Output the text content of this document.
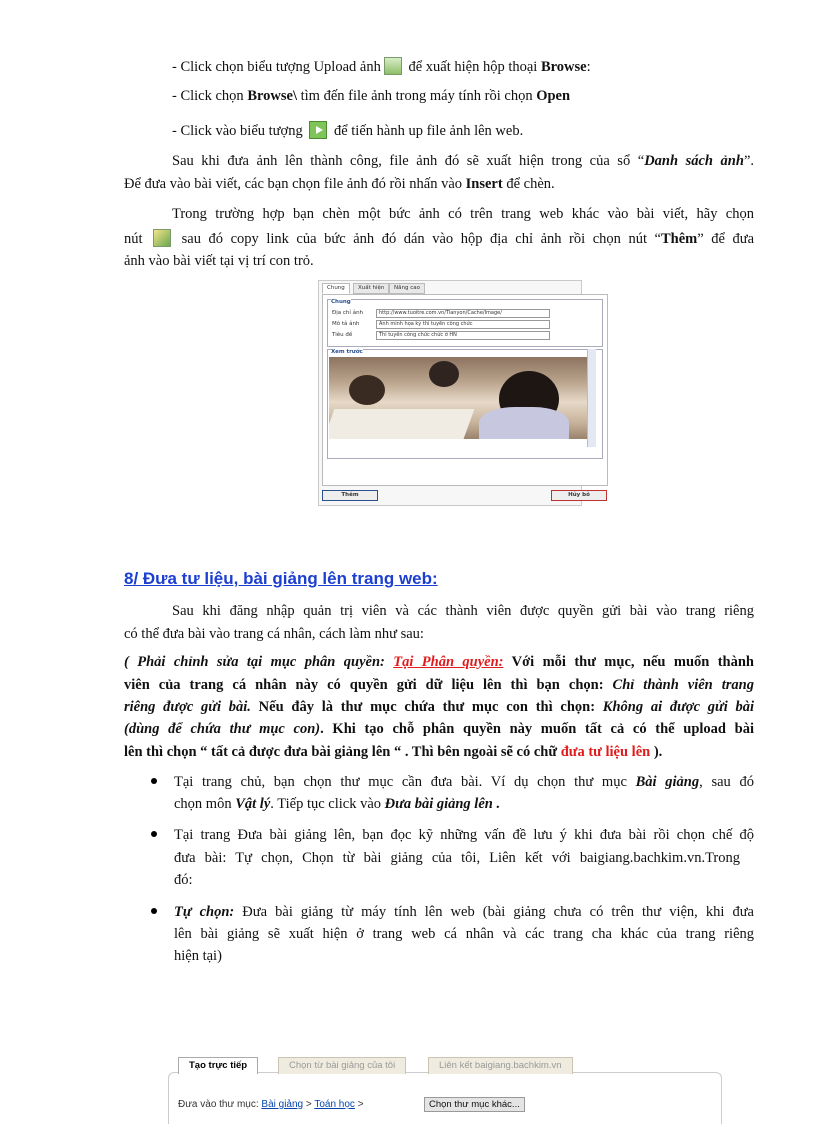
- Click chọn biểu tượng Upload ảnh để xuất hiện hộp thoại Browse:
- Click chọn Browse\ tìm đến file ảnh trong máy tính rồi chọn Open
- Click vào biểu tượng  để tiến hành up file ảnh lên web.
Sau khi đưa ảnh lên thành công, file ảnh đó sẽ xuất hiện trong của sổ “Danh sách ảnh”.
Để đưa vào bài viết, các bạn chọn file ảnh đó rồi nhấn vào Insert để chèn.
Trong trường hợp bạn chèn một bức ảnh có trên trang web khác vào bài viết, hãy chọn
nút  sau đó copy link của bức ảnh đó dán vào hộp địa chỉ ảnh rồi chọn nút “Thêm” để đưa
ảnh vào bài viết tại vị trí con trỏ.
Chung	Xuất hiện	Nâng cao
Chung
Địa chỉ ảnh	http://www.tuoitre.com.vn/Tianyon/Cache/Image/
Mô tả ảnh	Ảnh minh họa kỳ thi tuyển công chức
Tiêu đề	Thi tuyển công chức chức ở HN
Xem trước
Thêm	Hủy bỏ
8/ Đưa tư liệu, bài giảng lên trang web:
Sau khi đăng nhập quản trị viên và các thành viên được quyền gửi bài vào trang riêng
có thể đưa bài vào trang cá nhân, cách làm như sau:
( Phải chỉnh sửa tại mục phân quyền: Tại Phân quyền: Với mỗi thư mục, nếu muốn thành
viên của trang cá nhân này có quyền gửi dữ liệu lên thì bạn chọn: Chỉ thành viên trang
riêng được gửi bài. Nếu đây là thư mục chứa thư mục con thì chọn: Không ai được gửi bài
(dùng để chứa thư mục con). Khi tạo chỗ phân quyền này muốn tất cả có thể upload bài
lên thì chọn “ tất cả được đưa bài giảng lên “ . Thì bên ngoài sẽ có chữ đưa tư liệu lên ).
Tại trang chủ, bạn chọn thư mục cần đưa bài. Ví dụ chọn thư mục Bài giảng, sau đó
chọn môn Vật lý. Tiếp tục click vào Đưa bài giảng lên .
Tại trang Đưa bài giảng lên, bạn đọc kỹ những vấn đề lưu ý khi đưa bài rồi chọn chế độ
đưa bài: Tự chọn, Chọn từ bài giảng của tôi, Liên kết với baigiang.bachkim.vn.Trong
đó:
Tự chọn: Đưa bài giảng từ máy tính lên web (bài giảng chưa có trên thư viện, khi đưa
lên bài giảng sẽ xuất hiện ở trang web cá nhân và các trang cha khác của trang riêng
hiện tại)
Tạo trực tiếp	Chọn từ bài giảng của tôi	Liên kết baigiang.bachkim.vn
Đưa vào thư mục: Bài giảng > Toán học >	Chọn thư mục khác...
